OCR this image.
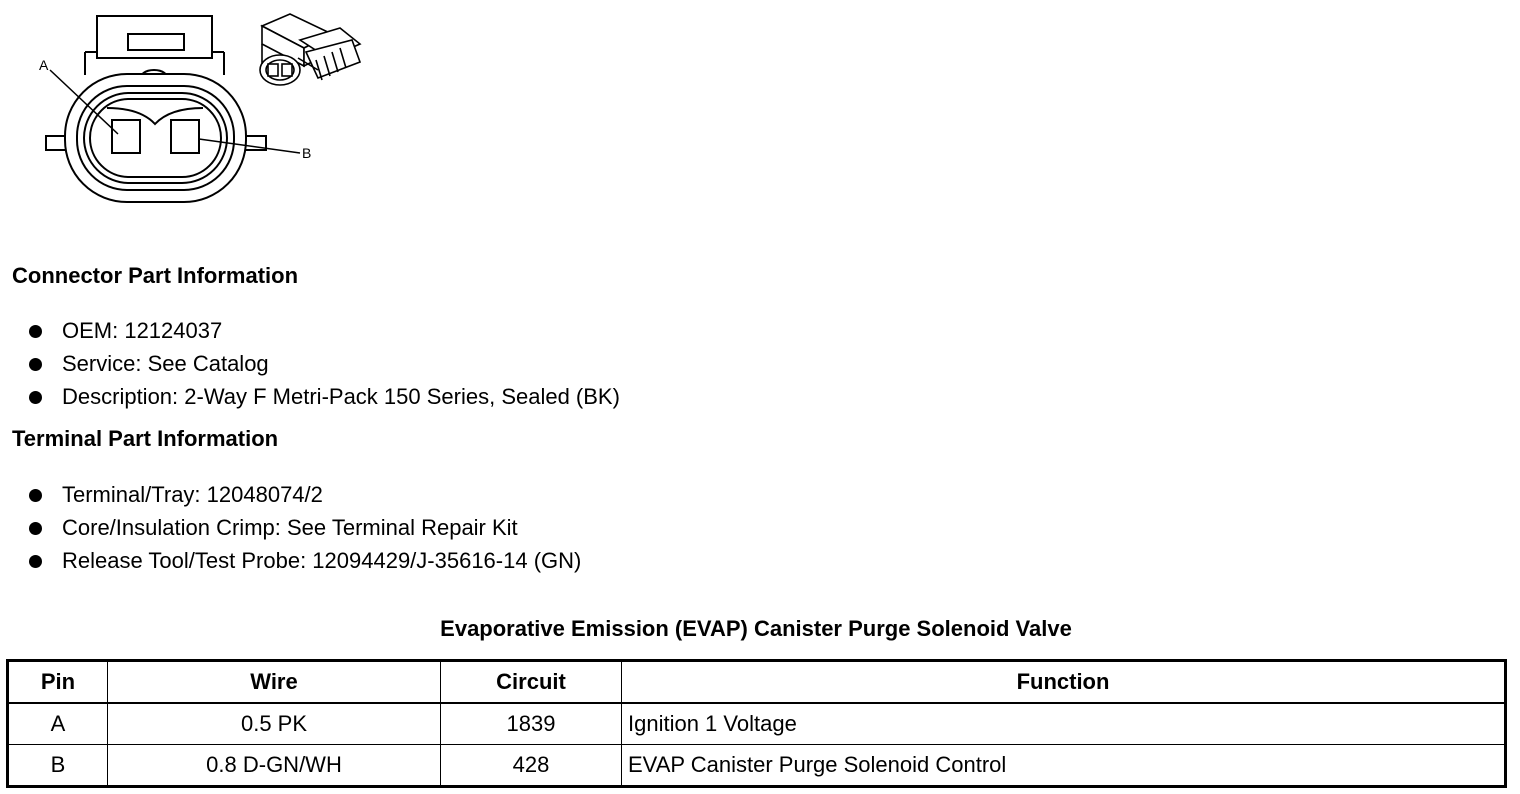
A
B
Connector Part Information
OEM: 12124037
Service: See Catalog
Description: 2-Way F Metri-Pack 150 Series, Sealed (BK)
Terminal Part Information
Terminal/Tray: 12048074/2
Core/Insulation Crimp: See Terminal Repair Kit
Release Tool/Test Probe: 12094429/J-35616-14 (GN)
Evaporative Emission (EVAP) Canister Purge Solenoid Valve
Pin	Wire	Circuit	Function
A	0.5 PK	1839	Ignition 1 Voltage
B	0.8 D-GN/WH	428	EVAP Canister Purge Solenoid Control
